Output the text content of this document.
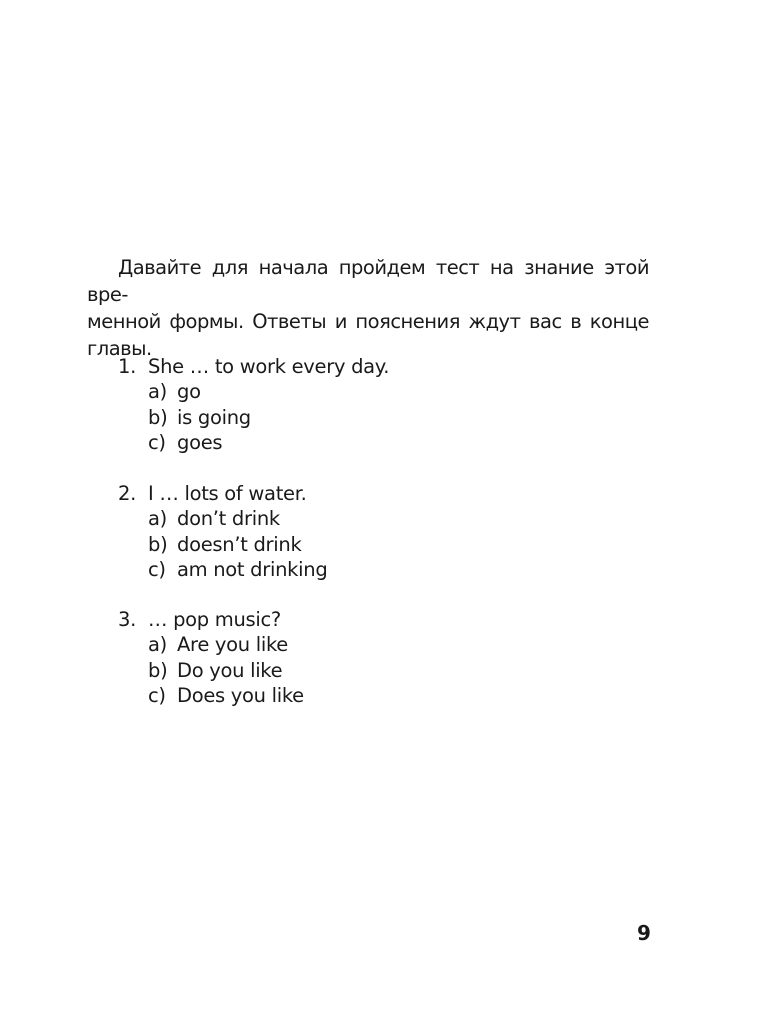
Давайте для начала пройдем тест на знание этой вре-
менной формы. Ответы и пояснения ждут вас в конце
главы.

1. She … to work every day.
a) go
b) is going
c) goes
2. I … lots of water.
a) don’t drink
b) doesn’t drink
c) am not drinking
3. … pop music?
a) Are you like
b) Do you like
c) Does you like
9
